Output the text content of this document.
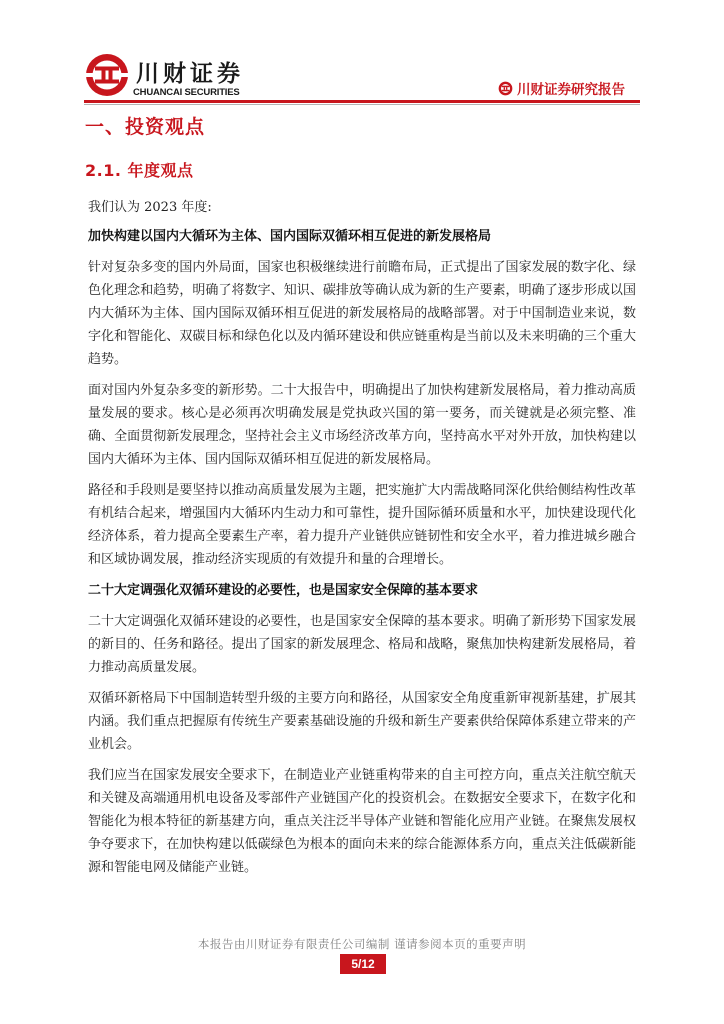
川财证券
CHUANCAI SECURITIES	川财证券研究报告
一、投资观点
2.1. 年度观点

我们认为 2023 年度:

加快构建以国内大循环为主体、国内国际双循环相互促进的新发展格局

针对复杂多变的国内外局面，国家也积极继续进行前瞻布局，正式提出了国家发展的数字化、绿色化理念和趋势，明确了将数字、知识、碳排放等确认成为新的生产要素，明确了逐步形成以国内大循环为主体、国内国际双循环相互促进的新发展格局的战略部署。对于中国制造业来说，数字化和智能化、双碳目标和绿色化以及内循环建设和供应链重构是当前以及未来明确的三个重大趋势。

面对国内外复杂多变的新形势。二十大报告中，明确提出了加快构建新发展格局，着力推动高质量发展的要求。核心是必须再次明确发展是党执政兴国的第一要务，而关键就是必须完整、准确、全面贯彻新发展理念，坚持社会主义市场经济改革方向，坚持高水平对外开放，加快构建以国内大循环为主体、国内国际双循环相互促进的新发展格局。

路径和手段则是要坚持以推动高质量发展为主题，把实施扩大内需战略同深化供给侧结构性改革有机结合起来，增强国内大循环内生动力和可靠性，提升国际循环质量和水平，加快建设现代化经济体系，着力提高全要素生产率，着力提升产业链供应链韧性和安全水平，着力推进城乡融合和区域协调发展，推动经济实现质的有效提升和量的合理增长。

二十大定调强化双循环建设的必要性，也是国家安全保障的基本要求

二十大定调强化双循环建设的必要性，也是国家安全保障的基本要求。明确了新形势下国家发展的新目的、任务和路径。提出了国家的新发展理念、格局和战略，聚焦加快构建新发展格局，着力推动高质量发展。

双循环新格局下中国制造转型升级的主要方向和路径，从国家安全角度重新审视新基建，扩展其内涵。我们重点把握原有传统生产要素基础设施的升级和新生产要素供给保障体系建立带来的产业机会。

我们应当在国家发展安全要求下，在制造业产业链重构带来的自主可控方向，重点关注航空航天和关键及高端通用机电设备及零部件产业链国产化的投资机会。在数据安全要求下，在数字化和智能化为根本特征的新基建方向，重点关注泛半导体产业链和智能化应用产业链。在聚焦发展权争夺要求下，在加快构建以低碳绿色为根本的面向未来的综合能源体系方向，重点关注低碳新能源和智能电网及储能产业链。

本报告由川财证券有限责任公司编制 谨请参阅本页的重要声明
5/12
